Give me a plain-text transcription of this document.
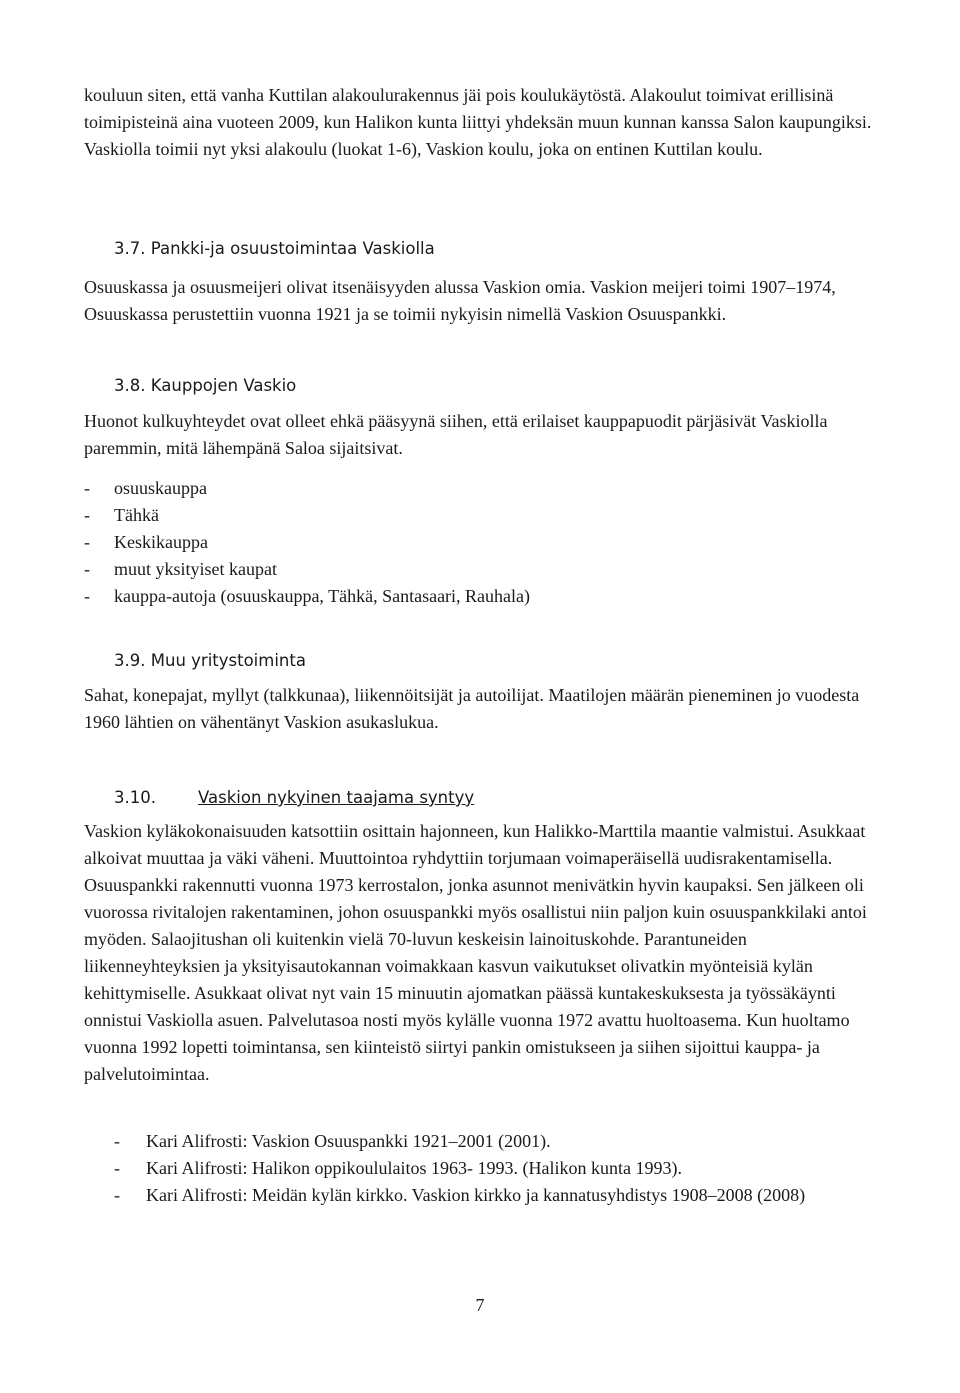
kouluun siten, että vanha Kuttilan alakoulurakennus jäi pois koulukäytöstä. Alakoulut toimivat erillisinä toimipisteinä aina vuoteen 2009, kun Halikon kunta liittyi yhdeksän muun kunnan kanssa Salon kaupungiksi. Vaskiolla toimii nyt yksi alakoulu (luokat 1-6), Vaskion koulu, joka on entinen Kuttilan koulu.

3.7. Pankki-ja osuustoimintaa Vaskiolla

Osuuskassa ja osuusmeijeri olivat itsenäisyyden alussa Vaskion omia. Vaskion meijeri toimi 1907–1974, Osuuskassa perustettiin vuonna 1921 ja se toimii nykyisin nimellä Vaskion Osuuspankki.

3.8. Kauppojen Vaskio

Huonot kulkuyhteydet ovat olleet ehkä pääsyynä siihen, että erilaiset kauppapuodit pärjäsivät Vaskiolla paremmin, mitä lähempänä Saloa sijaitsivat.

- osuuskauppa
- Tähkä
- Keskikauppa
- muut yksityiset kaupat
- kauppa-autoja (osuuskauppa, Tähkä, Santasaari, Rauhala)
3.9. Muu yritystoiminta

Sahat, konepajat, myllyt (talkkunaa), liikennöitsijät ja autoilijat. Maatilojen määrän pieneminen jo vuodesta 1960 lähtien on vähentänyt Vaskion asukaslukua.

3.10.	Vaskion nykyinen taajama syntyy

Vaskion kyläkokonaisuuden katsottiin osittain hajonneen, kun Halikko-Marttila maantie valmistui. Asukkaat alkoivat muuttaa ja väki väheni. Muuttointoa ryhdyttiin torjumaan voimaperäisellä uudisrakentamisella. Osuuspankki rakennutti vuonna 1973 kerrostalon, jonka asunnot menivätkin hyvin kaupaksi. Sen jälkeen oli vuorossa rivitalojen rakentaminen, johon osuuspankki myös osallistui niin paljon kuin osuuspankkilaki antoi myöden. Salaojitushan oli kuitenkin vielä 70-luvun keskeisin lainoituskohde. Parantuneiden liikenneyhteyksien ja yksityisautokannan voimakkaan kasvun vaikutukset olivatkin myönteisiä kylän kehittymiselle. Asukkaat olivat nyt vain 15 minuutin ajomatkan päässä kuntakeskuksesta ja työssäkäynti onnistui Vaskiolla asuen. Palvelutasoa nosti myös kylälle vuonna 1972 avattu huoltoasema. Kun huoltamo vuonna 1992 lopetti toimintansa, sen kiinteistö siirtyi pankin omistukseen ja siihen sijoittui kauppa- ja palvelutoimintaa.

- Kari Alifrosti: Vaskion Osuuspankki 1921–2001 (2001).
- Kari Alifrosti: Halikon oppikoululaitos 1963- 1993. (Halikon kunta 1993).
- Kari Alifrosti: Meidän kylän kirkko. Vaskion kirkko ja kannatusyhdistys 1908–2008 (2008)
7
